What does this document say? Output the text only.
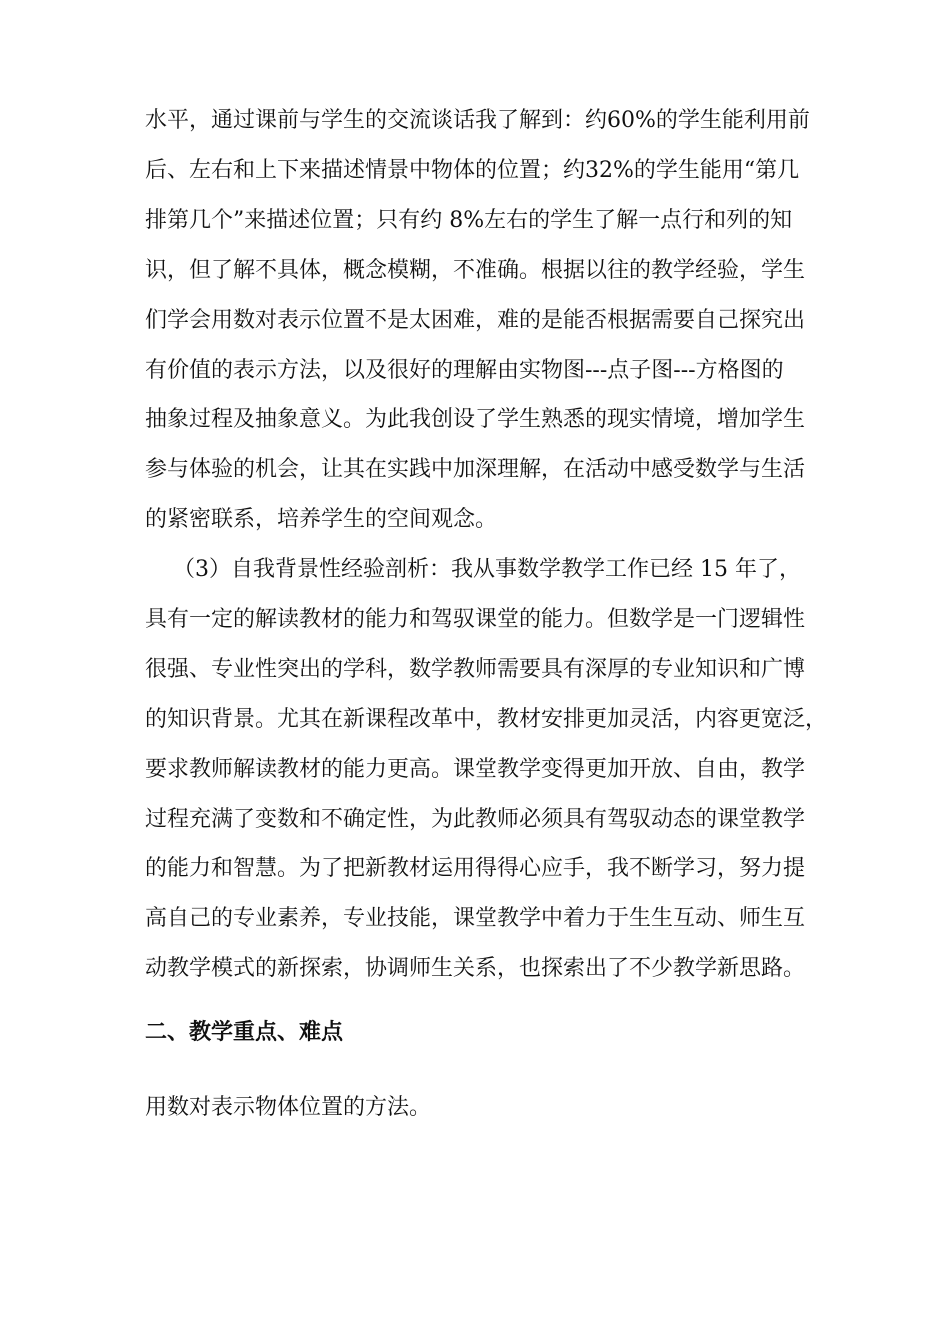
水平，通过课前与学生的交流谈话我了解到：约60%的学生能利用前
后、左右和上下来描述情景中物体的位置；约32%的学生能用“第几
排第几个”来描述位置；只有约 8%左右的学生了解一点行和列的知
识，但了解不具体，概念模糊，不准确。根据以往的教学经验，学生
们学会用数对表示位置不是太困难，难的是能否根据需要自己探究出
有价值的表示方法，以及很好的理解由实物图---点子图---方格图的
抽象过程及抽象意义。为此我创设了学生熟悉的现实情境，增加学生
参与体验的机会，让其在实践中加深理解，在活动中感受数学与生活
的紧密联系，培养学生的空间观念。
（3）自我背景性经验剖析：我从事数学教学工作已经 15 年了，
具有一定的解读教材的能力和驾驭课堂的能力。但数学是一门逻辑性
很强、专业性突出的学科，数学教师需要具有深厚的专业知识和广博
的知识背景。尤其在新课程改革中，教材安排更加灵活，内容更宽泛，
要求教师解读教材的能力更高。课堂教学变得更加开放、自由，教学
过程充满了变数和不确定性，为此教师必须具有驾驭动态的课堂教学
的能力和智慧。为了把新教材运用得得心应手，我不断学习，努力提
高自己的专业素养，专业技能，课堂教学中着力于生生互动、师生互
动教学模式的新探索，协调师生关系，也探索出了不少教学新思路。
二、教学重点、难点
用数对表示物体位置的方法。
